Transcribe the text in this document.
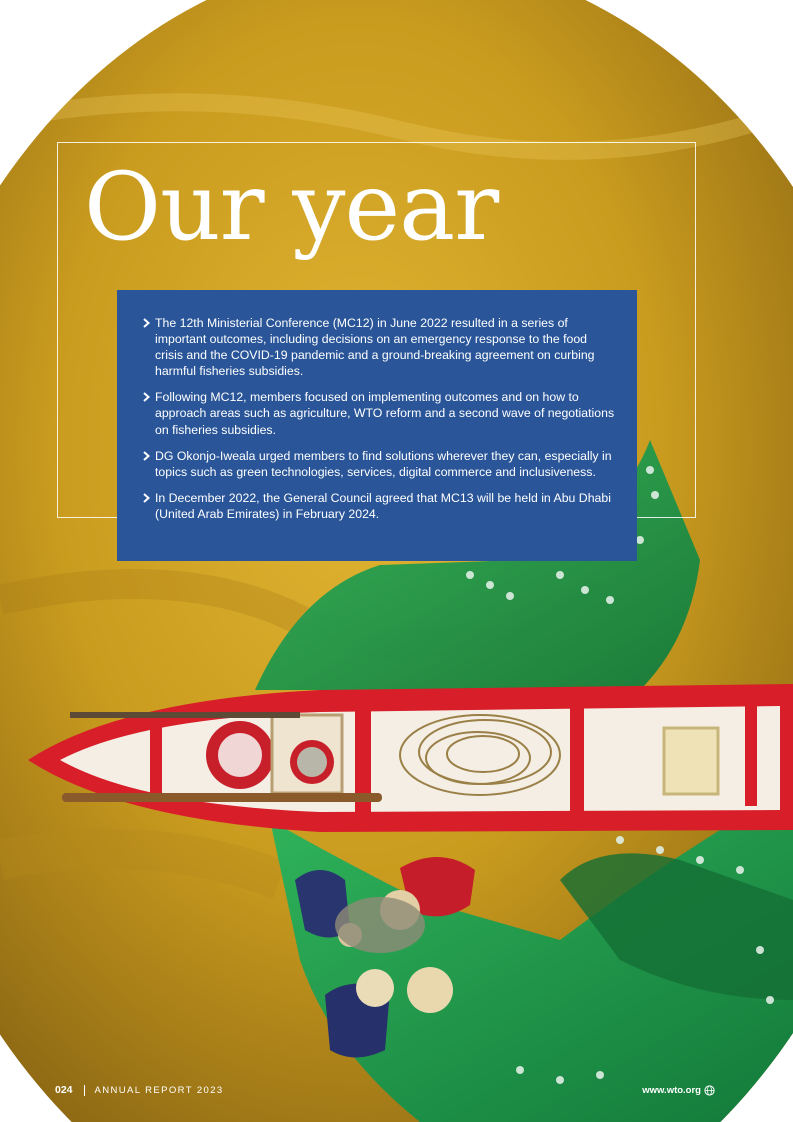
Our year

The 12th Ministerial Conference (MC12) in June 2022 resulted in a series of important outcomes, including decisions on an emergency response to the food crisis and the COVID-19 pandemic and a ground-breaking agreement on curbing harmful fisheries subsidies.

Following MC12, members focused on implementing outcomes and on how to approach areas such as agriculture, WTO reform and a second wave of negotiations on fisheries subsidies.

DG Okonjo-Iweala urged members to find solutions wherever they can, especially in topics such as green technologies, services, digital commerce and inclusiveness.

In December 2022, the General Council agreed that MC13 will be held in Abu Dhabi (United Arab Emirates) in February 2024.

024 ANNUAL REPORT 2023	www.wto.org
